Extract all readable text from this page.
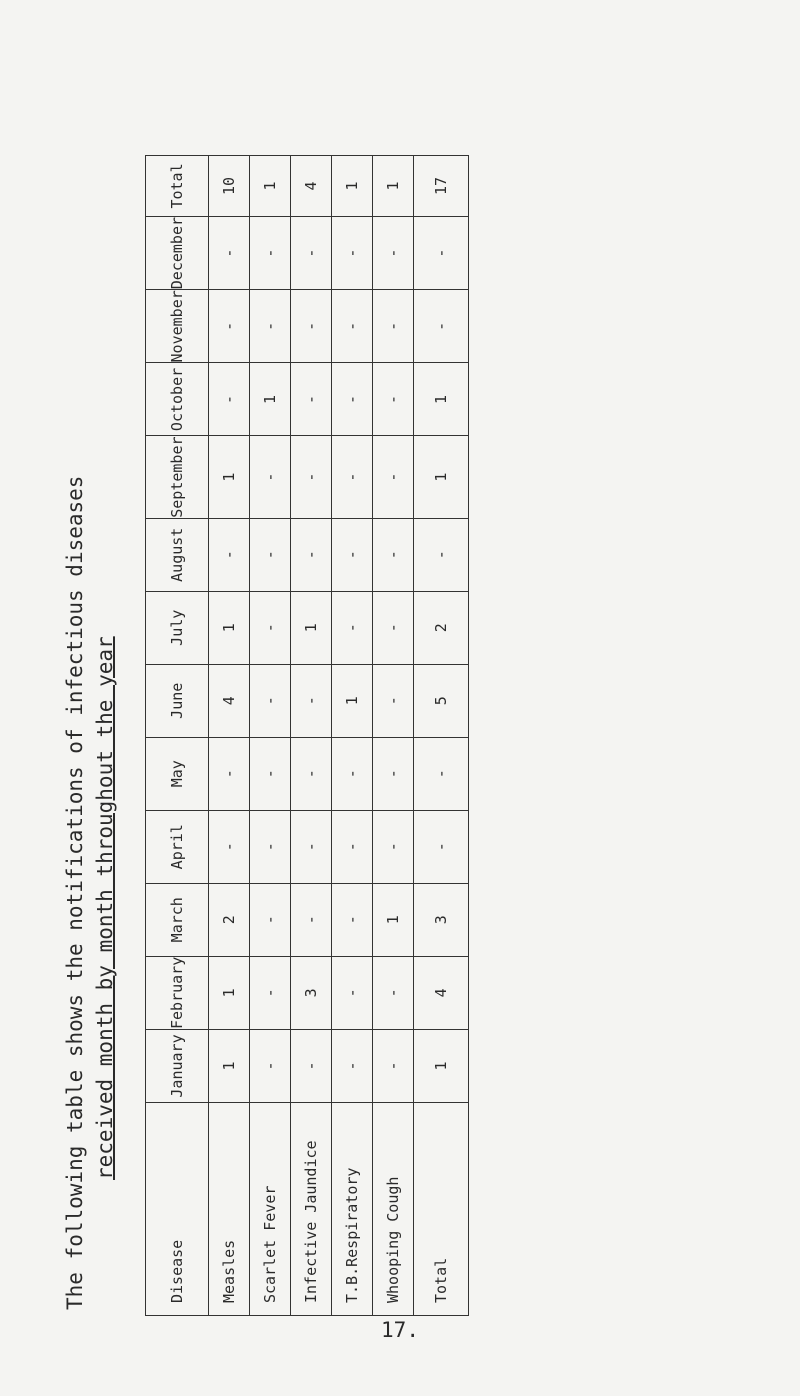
The following table shows the notifications of infectious diseases received month by month throughout the year
Disease	January	February	March	April	May	June	July	August	September	October	November	December	Total
Measles	1	1	2	-	-	4	1	-	1	-	-	-	10
Scarlet Fever	-	-	-	-	-	-	-	-	-	1	-	-	1
Infective Jaundice	-	3	-	-	-	-	1	-	-	-	-	-	4
T.B.Respiratory	-	-	-	-	-	1	-	-	-	-	-	-	1
Whooping Cough	-	-	1	-	-	-	-	-	-	-	-	-	1
Total	1	4	3	-	-	5	2	-	1	1	-	-	17
17.
